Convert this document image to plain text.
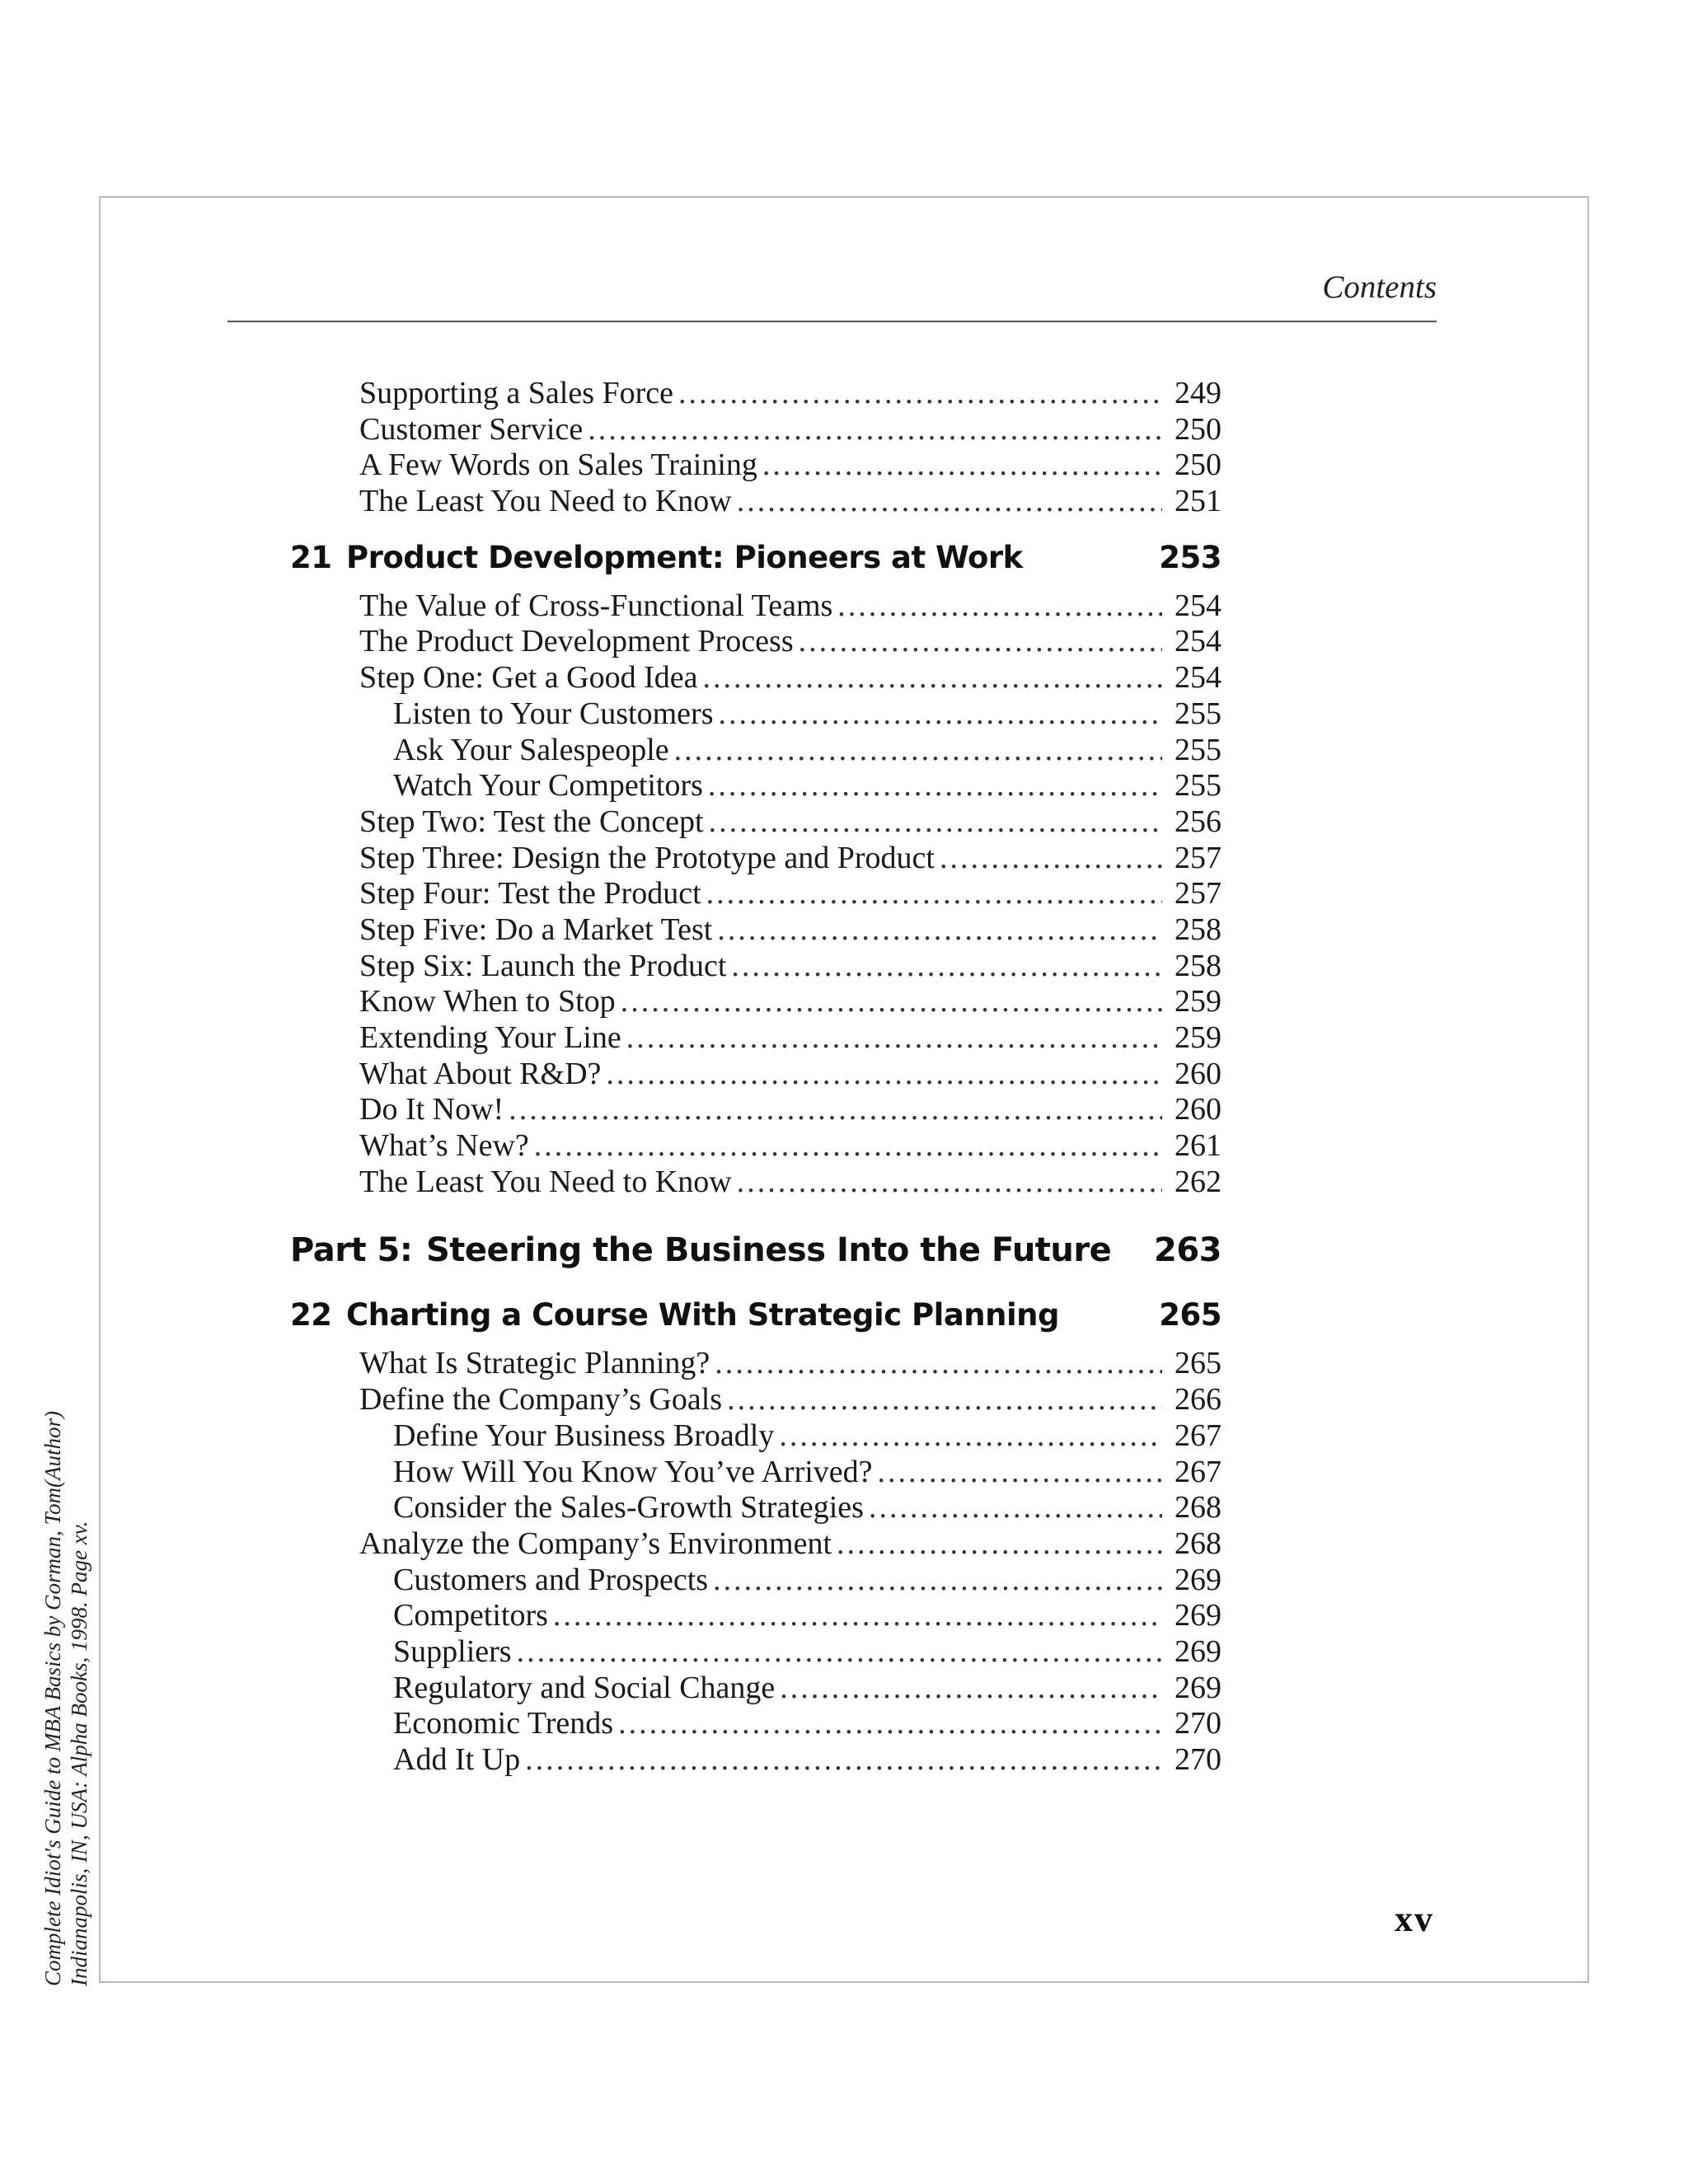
Contents
Supporting a Sales Force .....	249
Customer Service .....	250
A Few Words on Sales Training .....	250
The Least You Need to Know .....	251
21 Product Development: Pioneers at Work	253
The Value of Cross-Functional Teams .....	254
The Product Development Process .....	254
Step One: Get a Good Idea .....	254
Listen to Your Customers .....	255
Ask Your Salespeople .....	255
Watch Your Competitors .....	255
Step Two: Test the Concept .....	256
Step Three: Design the Prototype and Product .....	257
Step Four: Test the Product .....	257
Step Five: Do a Market Test .....	258
Step Six: Launch the Product .....	258
Know When to Stop .....	259
Extending Your Line .....	259
What About R&D? .....	260
Do It Now! .....	260
What’s New? .....	261
The Least You Need to Know .....	262
Part 5: Steering the Business Into the Future	263
22 Charting a Course With Strategic Planning	265
What Is Strategic Planning? .....	265
Define the Company’s Goals .....	266
Define Your Business Broadly .....	267
How Will You Know You’ve Arrived? .....	267
Consider the Sales-Growth Strategies .....	268
Analyze the Company’s Environment .....	268
Customers and Prospects .....	269
Competitors .....	269
Suppliers .....	269
Regulatory and Social Change .....	269
Economic Trends .....	270
Add It Up .....	270
xv
Complete Idiot's Guide to MBA Basics by Gorman, Tom(Author) Indianapolis, IN, USA: Alpha Books, 1998. Page xv.
